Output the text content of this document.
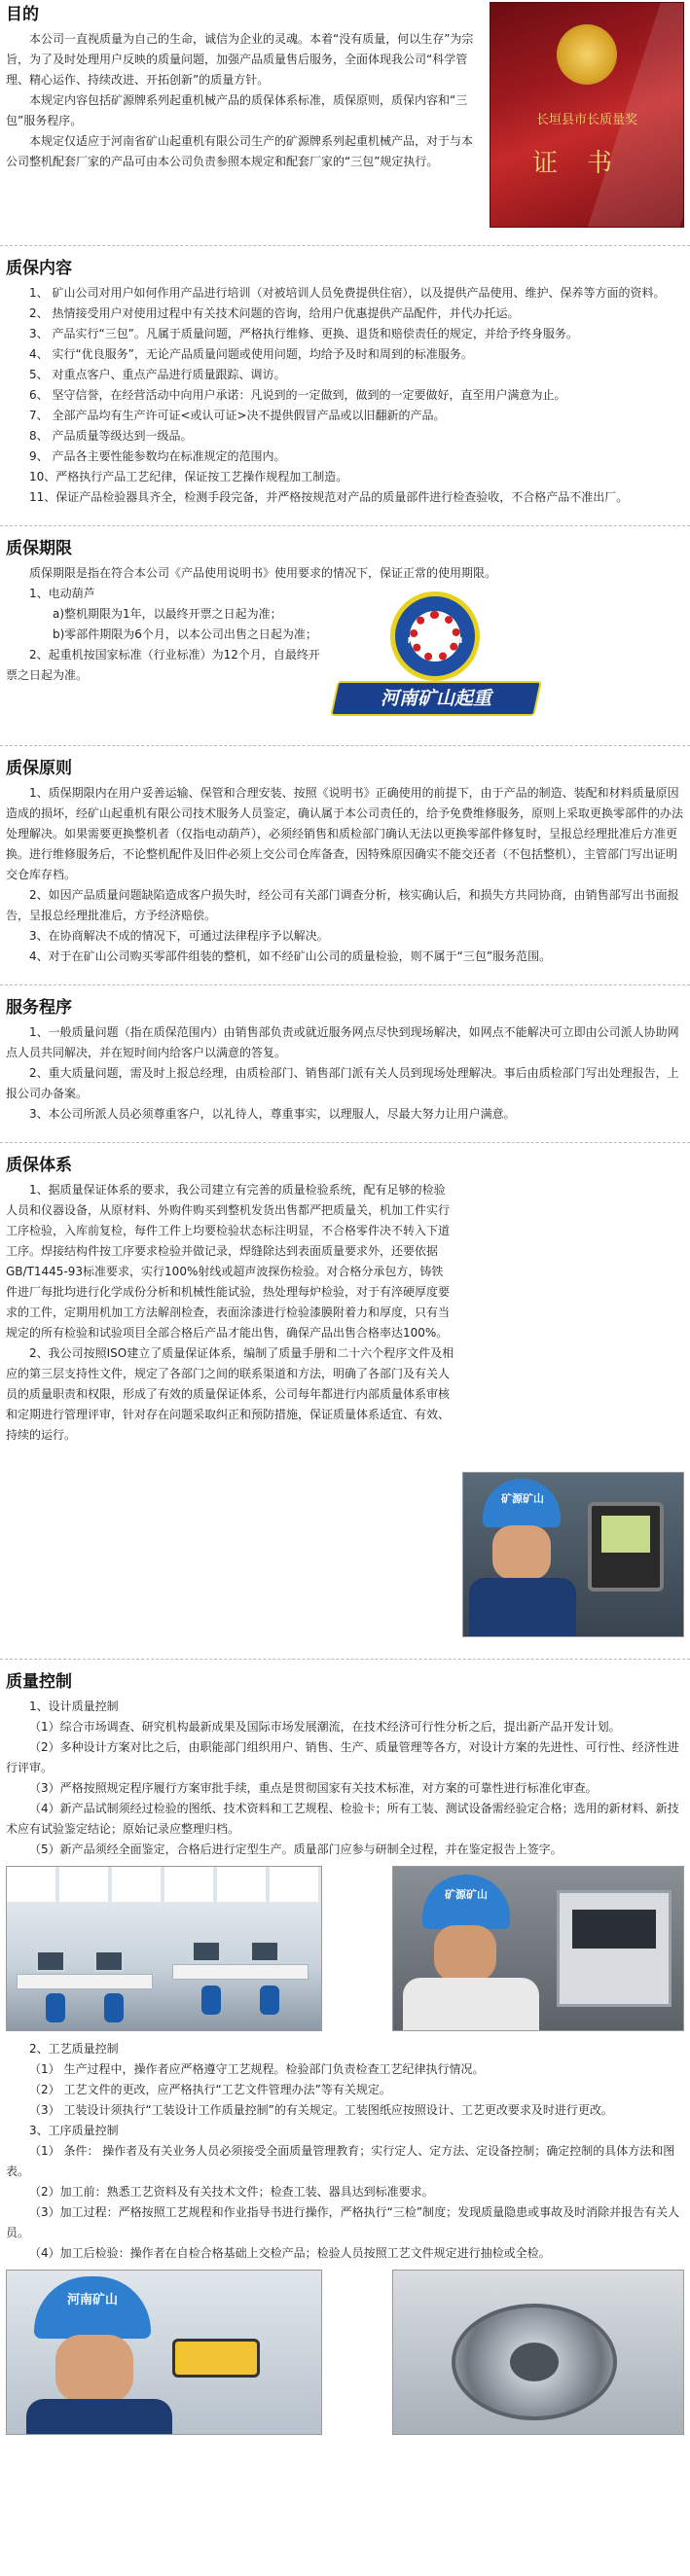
目的
长垣县市长质量奖
证书

本公司一直视质量为自己的生命，诚信为企业的灵魂。本着“没有质量，何以生存”为宗旨，为了及时处理用户反映的质量问题，加强产品质量售后服务，全面体现我公司“科学管理、精心运作、持续改进、开拓创新”的质量方针。

本规定内容包括矿源牌系列起重机械产品的质保体系标准，质保原则，质保内容和“三包”服务程序。

本规定仅适应于河南省矿山起重机有限公司生产的矿源牌系列起重机械产品，对于与本公司整机配套厂家的产品可由本公司负责参照本规定和配套厂家的“三包”规定执行。

质保内容

1、 矿山公司对用户如何作用产品进行培训（对被培训人员免费提供住宿），以及提供产品使用、维护、保养等方面的资料。

2、 热情接受用户对使用过程中有关技术问题的咨询，给用户优惠提供产品配件，并代办托运。

3、 产品实行“三包”。凡属于质量问题，严格执行维修、更换、退货和赔偿责任的规定，并给予终身服务。

4、 实行“优良服务”，无论产品质量问题或使用问题，均给予及时和周到的标准服务。

5、 对重点客户、重点产品进行质量跟踪、调访。

6、 坚守信誉，在经营活动中向用户承诺：凡说到的一定做到，做到的一定要做好，直至用户满意为止。

7、 全部产品均有生产许可证<或认可证>决不提供假冒产品或以旧翻新的产品。

8、 产品质量等级达到一级品。

9、 产品各主要性能参数均在标准规定的范围内。

10、严格执行产品工艺纪律，保证按工艺操作规程加工制造。

11、保证产品检验器具齐全，检测手段完备，并严格按规范对产品的质量部件进行检查验收，不合格产品不准出厂。

质保期限

质保期限是指在符合本公司《产品使用说明书》使用要求的情况下，保证正常的使用期限。

KUANGYUAN
河南矿山起重

1、电动葫芦

a)整机期限为1年，以最终开票之日起为准；

b)零部件期限为6个月，以本公司出售之日起为准；

2、起重机按国家标准（行业标准）为12个月，自最终开票之日起为准。

质保原则

1、质保期限内在用户妥善运输、保管和合理安装、按照《说明书》正确使用的前提下，由于产品的制造、装配和材料质量原因造成的损坏，经矿山起重机有限公司技术服务人员鉴定，确认属于本公司责任的，给予免费维修服务，原则上采取更换零部件的办法处理解决。如果需要更换整机者（仅指电动葫芦），必须经销售和质检部门确认无法以更换零部件修复时，呈报总经理批准后方准更换。进行维修服务后，不论整机配件及旧件必须上交公司仓库备查，因特殊原因确实不能交还者（不包括整机），主管部门写出证明交仓库存档。

2、如因产品质量问题缺陷造成客户损失时，经公司有关部门调查分析，核实确认后，和损失方共同协商，由销售部写出书面报告，呈报总经理批准后，方予经济赔偿。

3、在协商解决不成的情况下，可通过法律程序予以解决。

4、对于在矿山公司购买零部件组装的整机，如不经矿山公司的质量检验，则不属于“三包”服务范围。

服务程序

1、一般质量问题（指在质保范围内）由销售部负责或就近服务网点尽快到现场解决，如网点不能解决可立即由公司派人协助网点人员共同解决，并在短时间内给客户以满意的答复。

2、重大质量问题，需及时上报总经理，由质检部门、销售部门派有关人员到现场处理解决。事后由质检部门写出处理报告，上报公司办备案。

3、本公司所派人员必须尊重客户，以礼待人，尊重事实，以理服人，尽最大努力让用户满意。

质保体系
矿源矿山

1、据质量保证体系的要求，我公司建立有完善的质量检验系统，配有足够的检验人员和仪器设备，从原材料、外购件购买到整机发货出售都严把质量关，机加工件实行工序检验，入库前复检，每件工件上均要检验状态标注明显，不合格零件决不转入下道工序。焊接结构件按工序要求检验并做记录，焊缝除达到表面质量要求外，还要依据GB/T1445-93标准要求，实行100%射线或超声波探伤检验。对合格分承包方，铸铁件进厂每批均进行化学成份分析和机械性能试验，热处理每炉检验，对于有淬硬厚度要求的工件，定期用机加工方法解剖检查，表面涂漆进行检验漆膜附着力和厚度，只有当规定的所有检验和试验项目全部合格后产品才能出售，确保产品出售合格率达100%。

2、我公司按照ISO建立了质量保证体系，编制了质量手册和二十六个程序文件及相应的第三层支持性文件，规定了各部门之间的联系渠道和方法，明确了各部门及有关人员的质量职责和权限，形成了有效的质量保证体系，公司每年都进行内部质量体系审核和定期进行管理评审，针对存在问题采取纠正和预防措施，保证质量体系适宜、有效、持续的运行。

质量控制

1、设计质量控制

（1）综合市场调查、研究机构最新成果及国际市场发展潮流，在技术经济可行性分析之后，提出新产品开发计划。

（2）多种设计方案对比之后，由职能部门组织用户、销售、生产、质量管理等各方，对设计方案的先进性、可行性、经济性进行评审。

（3）严格按照规定程序履行方案审批手续，重点是贯彻国家有关技术标准，对方案的可靠性进行标准化审查。

（4）新产品试制须经过检验的图纸、技术资料和工艺规程、检验卡；所有工装、测试设备需经验定合格；选用的新材料、新技术应有试验鉴定结论；原始记录应整理归档。

（5）新产品须经全面鉴定，合格后进行定型生产。质量部门应参与研制全过程，并在鉴定报告上签字。

矿源矿山

2、工艺质量控制

（1） 生产过程中，操作者应严格遵守工艺规程。检验部门负责检查工艺纪律执行情况。

（2） 工艺文件的更改，应严格执行“工艺文件管理办法”等有关规定。

（3） 工装设计须执行“工装设计工作质量控制”的有关规定。工装图纸应按照设计、工艺更改要求及时进行更改。

3、工序质量控制

（1） 条件： 操作者及有关业务人员必须接受全面质量管理教育；实行定人、定方法、定设备控制；确定控制的具体方法和图表。

（2）加工前：熟悉工艺资料及有关技术文件；检查工装、器具达到标准要求。

（3）加工过程：严格按照工艺规程和作业指导书进行操作，严格执行“三检”制度；发现质量隐患或事故及时消除并报告有关人员。

（4）加工后检验：操作者在自检合格基础上交检产品；检验人员按照工艺文件规定进行抽检或全检。

河南矿山
